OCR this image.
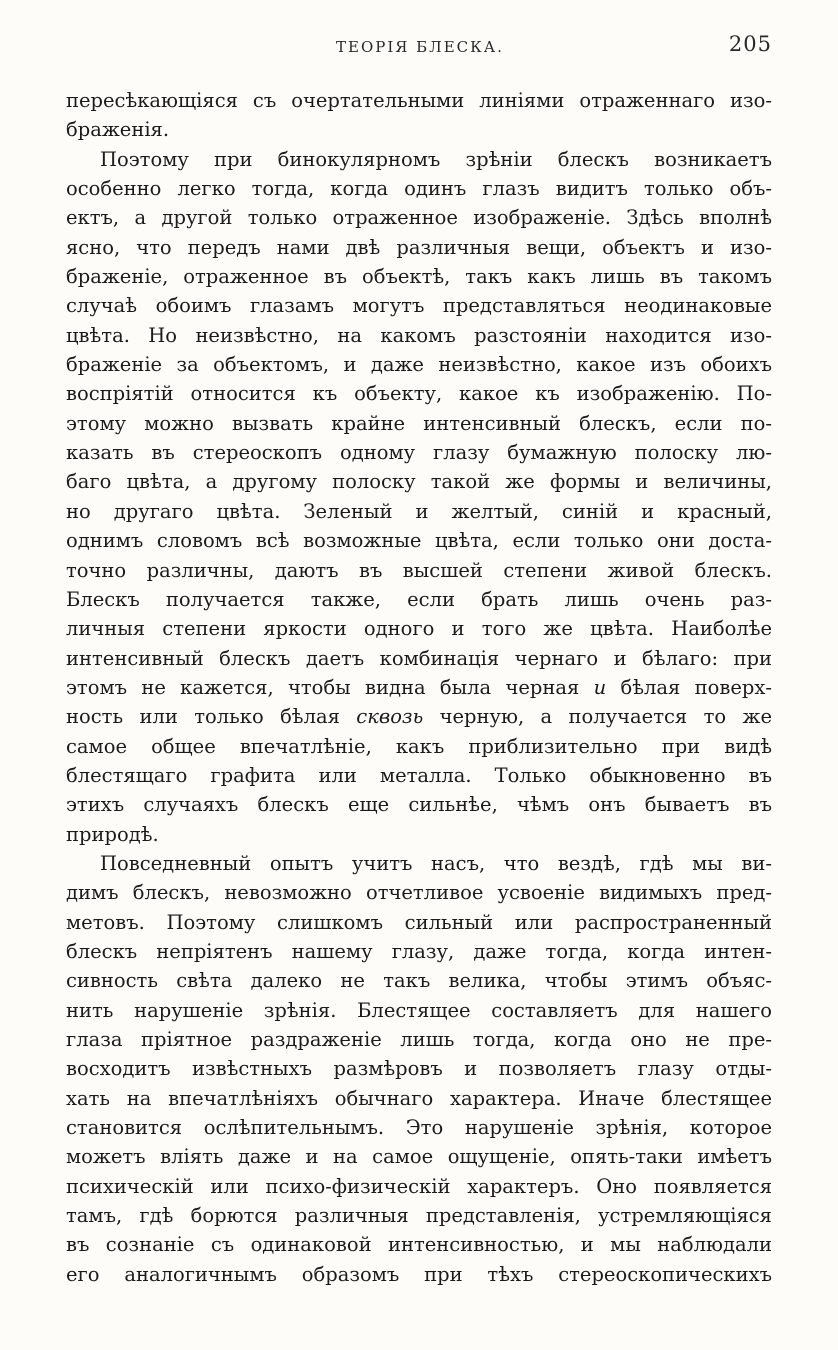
ТЕОРІЯ БЛЕСКА.	205
пересѣкающіяся съ очертательными линіями отраженнаго изо-
браженія.
Поэтому при бинокулярномъ зрѣніи блескъ возникаетъ
особенно легко тогда, когда одинъ глазъ видитъ только объ-
ектъ, а другой только отраженное изображеніе. Здѣсь вполнѣ
ясно, что передъ нами двѣ различныя вещи, объектъ и изо-
браженіе, отраженное въ объектѣ, такъ какъ лишь въ такомъ
случаѣ обоимъ глазамъ могутъ представляться неодинаковые
цвѣта. Но неизвѣстно, на какомъ разстояніи находится изо-
браженіе за объектомъ, и даже неизвѣстно, какое изъ обоихъ
воспріятій относится къ объекту, какое къ изображенію. По-
этому можно вызвать крайне интенсивный блескъ, если по-
казать въ стереоскопъ одному глазу бумажную полоску лю-
баго цвѣта, а другому полоску такой же формы и величины,
но другаго цвѣта. Зеленый и желтый, синій и красный,
однимъ словомъ всѣ возможные цвѣта, если только они доста-
точно различны, даютъ въ высшей степени живой блескъ.
Блескъ получается также, если брать лишь очень раз-
личныя степени яркости одного и того же цвѣта. Наиболѣе
интенсивный блескъ даетъ комбинація чернаго и бѣлаго: при
этомъ не кажется, чтобы видна была черная и бѣлая поверх-
ность или только бѣлая сквозь черную, а получается то же
самое общее впечатлѣніе, какъ приблизительно при видѣ
блестящаго графита или металла. Только обыкновенно въ
этихъ случаяхъ блескъ еще сильнѣе, чѣмъ онъ бываетъ въ
природѣ.
Повседневный опытъ учитъ насъ, что вездѣ, гдѣ мы ви-
димъ блескъ, невозможно отчетливое усвоеніе видимыхъ пред-
метовъ. Поэтому слишкомъ сильный или распространенный
блескъ непріятенъ нашему глазу, даже тогда, когда интен-
сивность свѣта далеко не такъ велика, чтобы этимъ объяс-
нить нарушеніе зрѣнія. Блестящее составляетъ для нашего
глаза пріятное раздраженіе лишь тогда, когда оно не пре-
восходитъ извѣстныхъ размѣровъ и позволяетъ глазу отды-
хать на впечатлѣніяхъ обычнаго характера. Иначе блестящее
становится ослѣпительнымъ. Это нарушеніе зрѣнія, которое
можетъ влiять даже и на самое ощущеніе, опять-таки имѣетъ
психическій или психо-физическій характеръ. Оно появляется
тамъ, гдѣ борются различныя представленія, устремляющіяся
въ сознаніе съ одинаковой интенсивностью, и мы наблюдали
его аналогичнымъ образомъ при тѣхъ стереоскопическихъ
